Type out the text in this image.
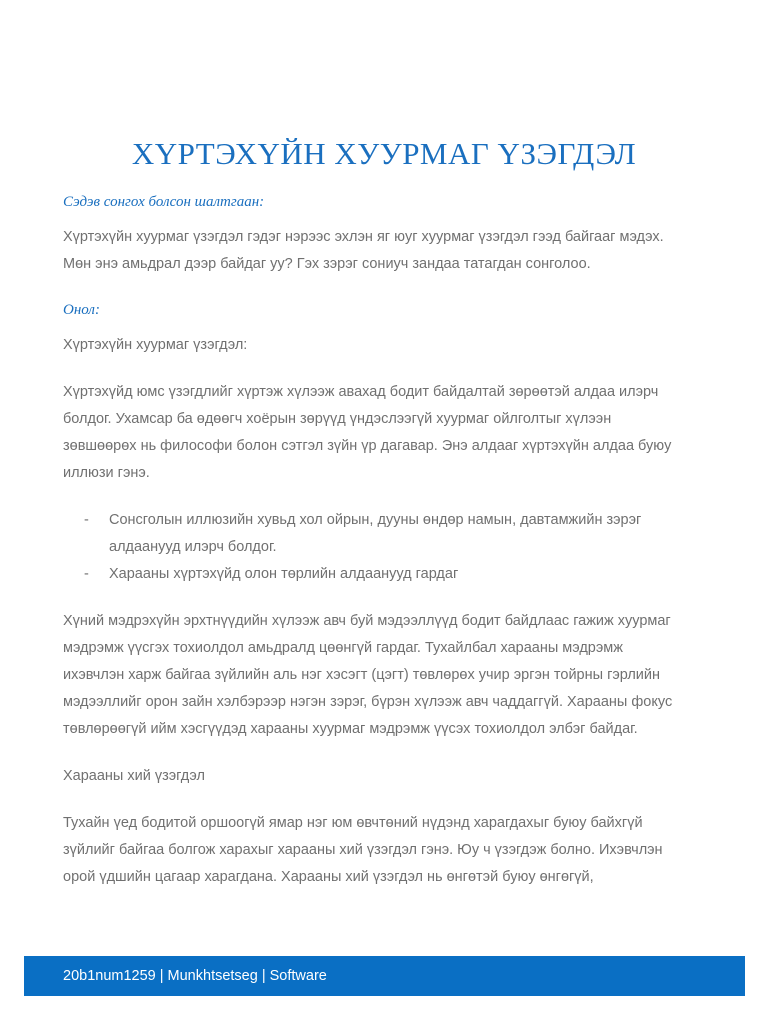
ХҮРТЭХҮЙН ХУУРМАГ ҮЗЭГДЭЛ

Сэдэв сонгох болсон шалтгаан:

Хүртэхүйн хуурмаг үзэгдэл гэдэг нэрээс эхлэн яг юуг хуурмаг үзэгдэл гээд байгааг мэдэх.
Мөн энэ амьдрал дээр байдаг уу? Гэх зэрэг сониуч зандаа татагдан сонголоо.

Онол:

Хүртэхүйн хуурмаг үзэгдэл:

Хүртэхүйд юмс үзэгдлийг хүртэж хүлээж авахад бодит байдалтай зөрөөтэй алдаа илэрч
болдог. Ухамсар ба өдөөгч хоёрын зөрүүд үндэслээгүй хуурмаг ойлголтыг хүлээн
зөвшөөрөх нь философи болон сэтгэл зүйн үр дагавар. Энэ алдааг хүртэхүйн алдаа буюу
иллюзи гэнэ.

- Сонсголын иллюзийн хувьд хол ойрын, дууны өндөр намын, давтамжийн зэрэг
алдаанууд илэрч болдог.
- Харааны хүртэхүйд олон төрлийн алдаанууд гардаг

Хүний мэдрэхүйн эрхтнүүдийн хүлээж авч буй мэдээллүүд бодит байдлаас гажиж хуурмаг
мэдрэмж үүсгэх тохиолдол амьдралд цөөнгүй гардаг. Тухайлбал харааны мэдрэмж
ихэвчлэн харж байгаа зүйлийн аль нэг хэсэгт (цэгт) төвлөрөх учир эргэн тойрны гэрлийн
мэдээллийг орон зайн хэлбэрээр нэгэн зэрэг, бүрэн хүлээж авч чаддаггүй. Харааны фокус
төвлөрөөгүй ийм хэсгүүдэд харааны хуурмаг мэдрэмж үүсэх тохиолдол элбэг байдаг.

Харааны хий үзэгдэл

Тухайн үед бодитой оршоогүй ямар нэг юм өвчтөний нүдэнд харагдахыг буюу байхгүй
зүйлийг байгаа болгож харахыг харааны хий үзэгдэл гэнэ. Юу ч үзэгдэж болно. Ихэвчлэн
орой үдшийн цагаар харагдана. Харааны хий үзэгдэл нь өнгөтэй буюу өнгөгүй,

20b1num1259 | Munkhtsetseg | Software
